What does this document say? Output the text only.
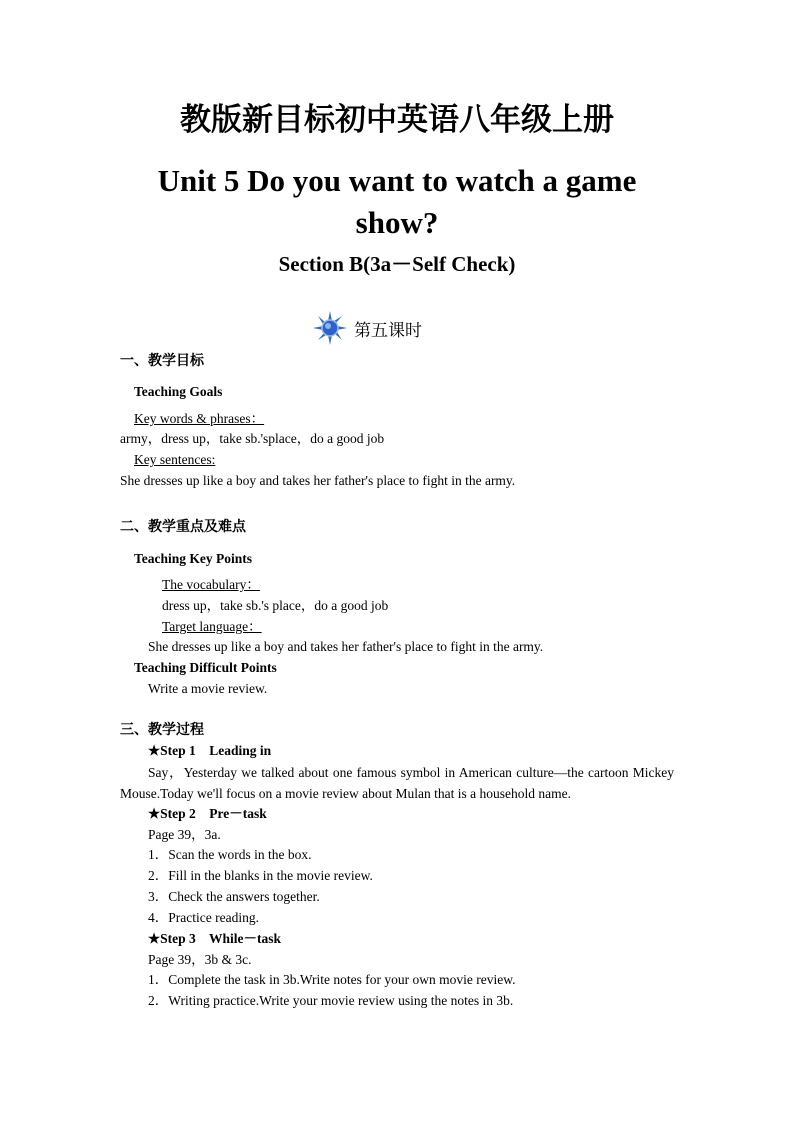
教版新目标初中英语八年级上册
Unit 5 Do you want to watch a game show?
Section B(3a－Self Check)
第五课时
一、教学目标
Teaching Goals
Key words & phrases：
army，dress up，take sb.'splace，do a good job
Key sentences:
She dresses up like a boy and takes her father's place to fight in the army.
二、教学重点及难点
Teaching Key Points
The vocabulary：
dress up，take sb.'s place，do a good job
Target language：
She dresses up like a boy and takes her father's place to fight in the army.
Teaching Difficult Points
Write a movie review.
三、教学过程
★Step 1    Leading in
Say，Yesterday we talked about one famous symbol in American culture—the cartoon Mickey Mouse.Today we'll focus on a movie review about Mulan that is a household name.
★Step 2    Pre－task
Page 39，3a.
1．Scan the words in the box.
2．Fill in the blanks in the movie review.
3．Check the answers together.
4．Practice reading.
★Step 3    While－task
Page 39，3b & 3c.
1．Complete the task in 3b.Write notes for your own movie review.
2．Writing practice.Write your movie review using the notes in 3b.
